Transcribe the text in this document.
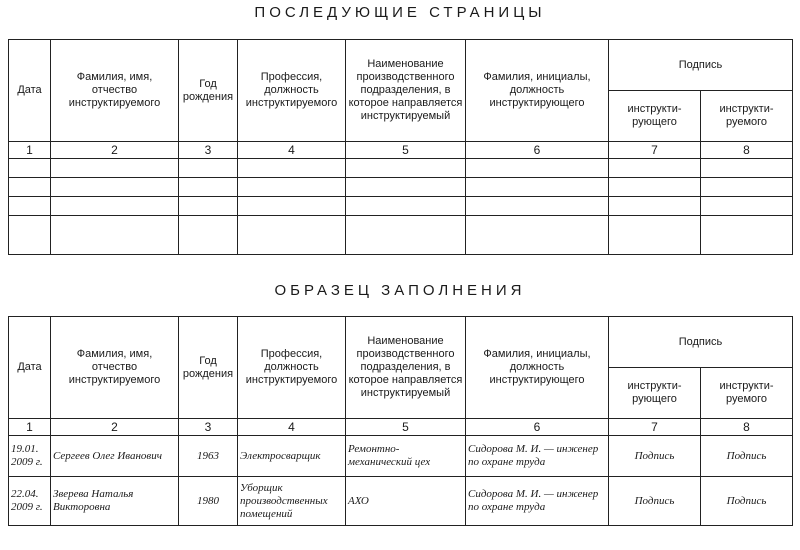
ПОСЛЕДУЮЩИЕ СТРАНИЦЫ
Дата	Фамилия, имя, отчество инструктируемого	Год рождения	Профессия, должность инструктируемого	Наименование производственного подразделения, в которое направляется инструктируемый	Фамилия, инициалы, должность инструктирующего	Подпись	
						инструкти-рующего	инструкти-руемого
1	2	3	4	5	6	7	8

ОБРАЗЕЦ ЗАПОЛНЕНИЯ
Дата	Фамилия, имя, отчество инструктируемого	Год рождения	Профессия, должность инструктируемого	Наименование производственного подразделения, в которое направляется инструктируемый	Фамилия, инициалы, должность инструктирующего	Подпись	
						инструкти-рующего	инструкти-руемого
1	2	3	4	5	6	7	8
19.01. 2009 г.	Сергеев Олег Иванович	1963	Электросварщик	Ремонтно-механический цех	Сидорова М. И. — инженер по охране труда	Подпись	Подпись
22.04. 2009 г.	Зверева Наталья Викторовна	1980	Уборщик производственных помещений	АХО	Сидорова М. И. — инженер по охране труда	Подпись	Подпись
